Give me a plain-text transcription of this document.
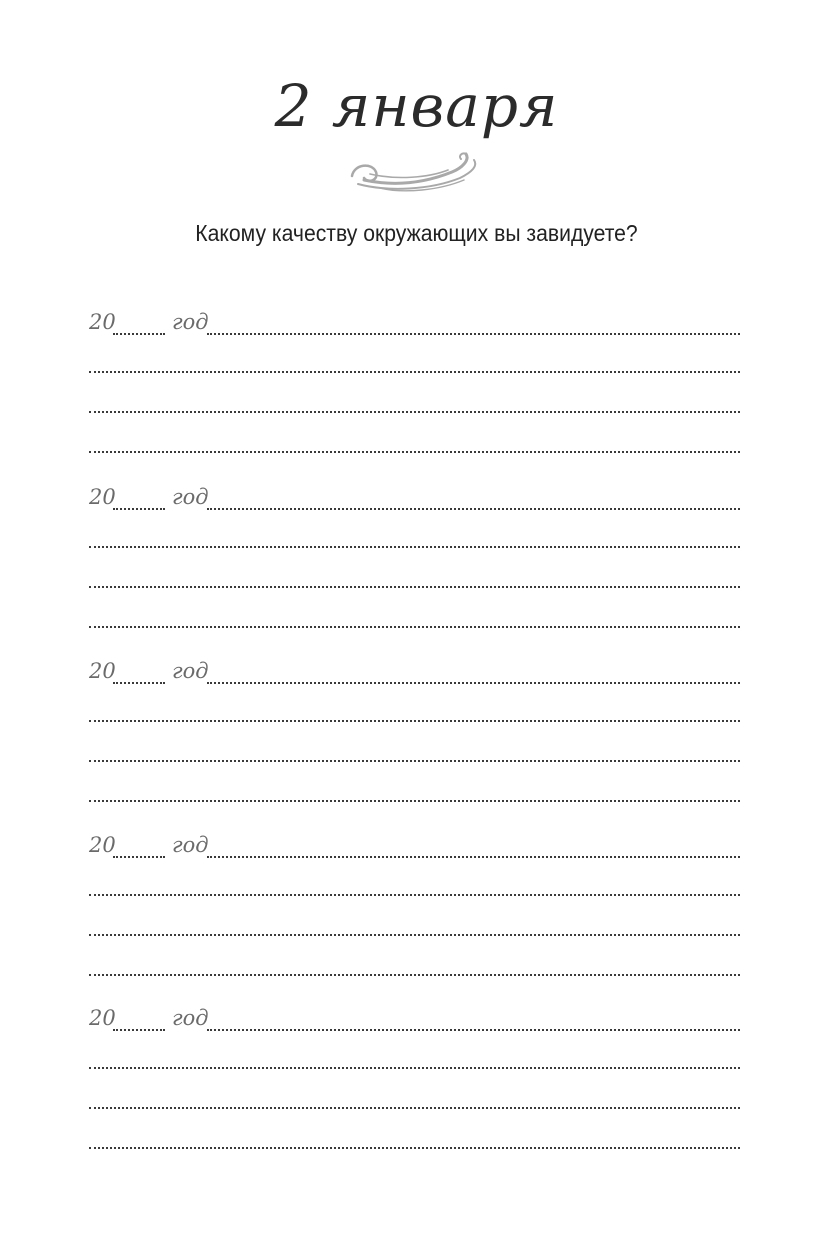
2 января
Какому качеству окружающих вы завидуете?
20	год
20	год
20	год
20	год
20	год
